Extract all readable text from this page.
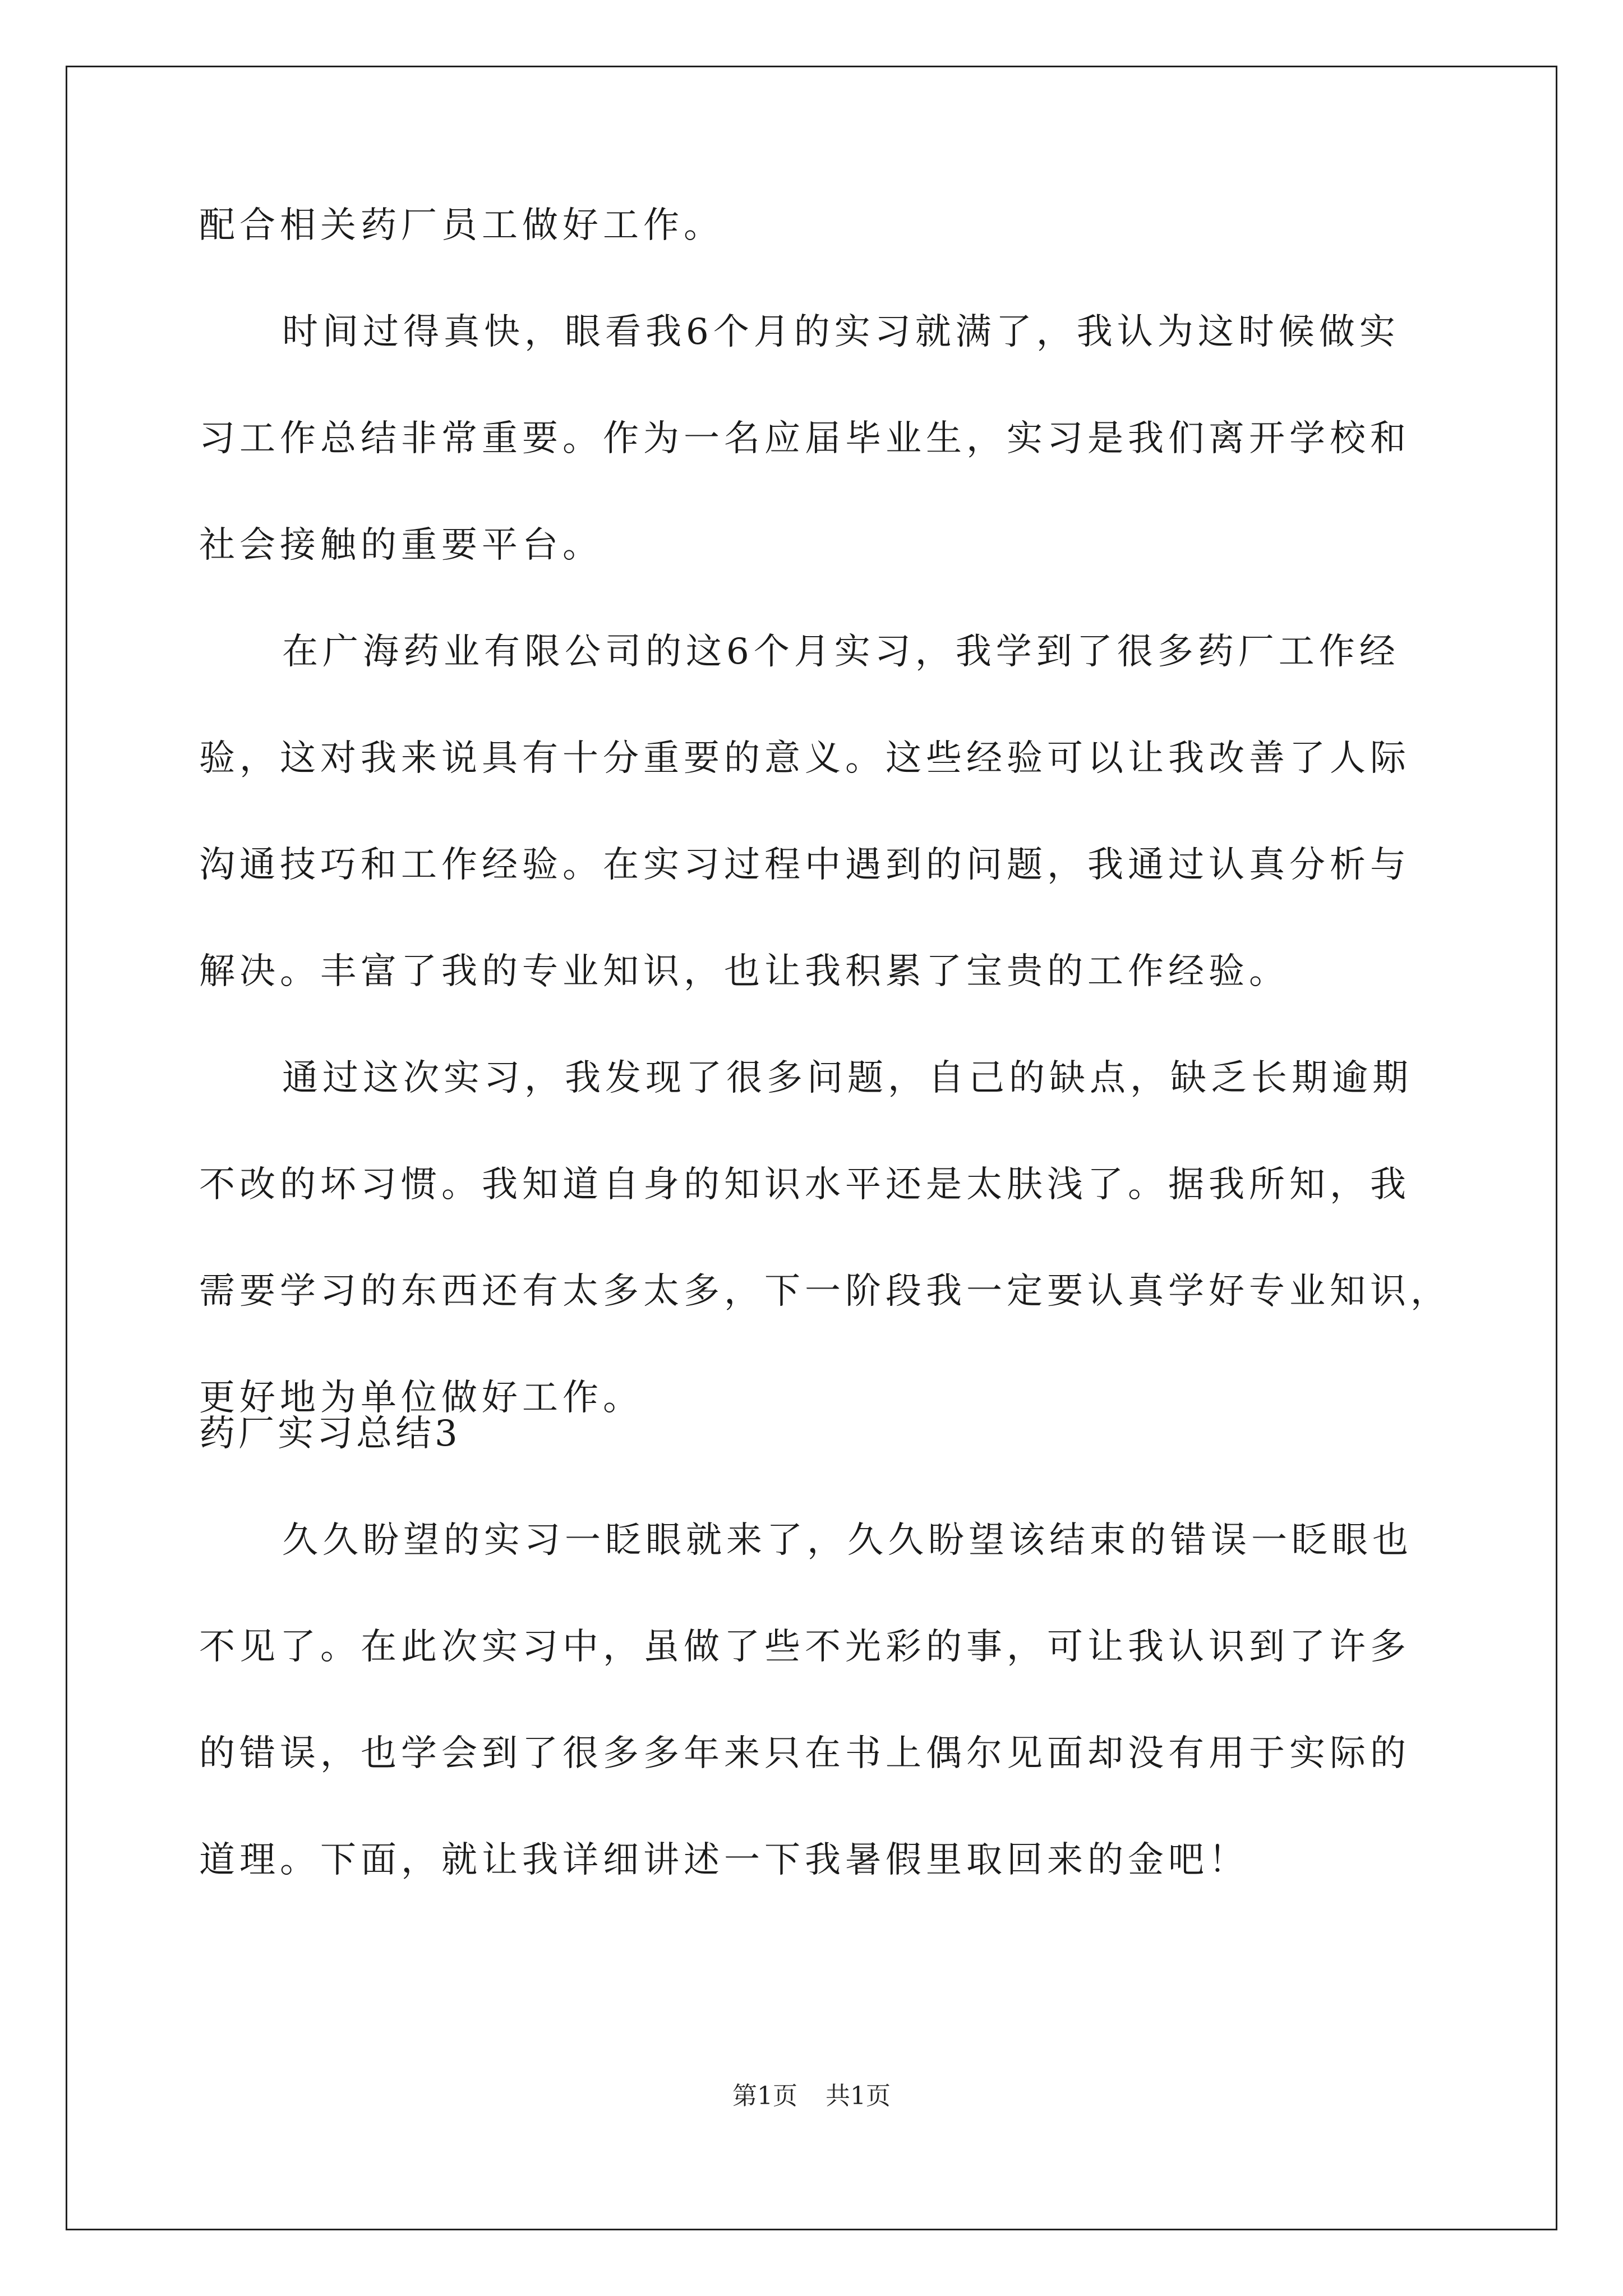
配合相关药厂员工做好工作。

时间过得真快，眼看我6个月的实习就满了，我认为这时候做实

习工作总结非常重要。作为一名应届毕业生，实习是我们离开学校和

社会接触的重要平台。

在广海药业有限公司的这6个月实习，我学到了很多药厂工作经

验，这对我来说具有十分重要的意义。这些经验可以让我改善了人际

沟通技巧和工作经验。在实习过程中遇到的问题，我通过认真分析与

解决。丰富了我的专业知识，也让我积累了宝贵的工作经验。

通过这次实习，我发现了很多问题，自己的缺点，缺乏长期逾期

不改的坏习惯。我知道自身的知识水平还是太肤浅了。据我所知，我

需要学习的东西还有太多太多，下一阶段我一定要认真学好专业知识，

更好地为单位做好工作。

药厂实习总结3

久久盼望的实习一眨眼就来了，久久盼望该结束的错误一眨眼也

不见了。在此次实习中，虽做了些不光彩的事，可让我认识到了许多

的错误，也学会到了很多多年来只在书上偶尔见面却没有用于实际的

道理。下面，就让我详细讲述一下我暑假里取回来的金吧！

第1页 共1页
